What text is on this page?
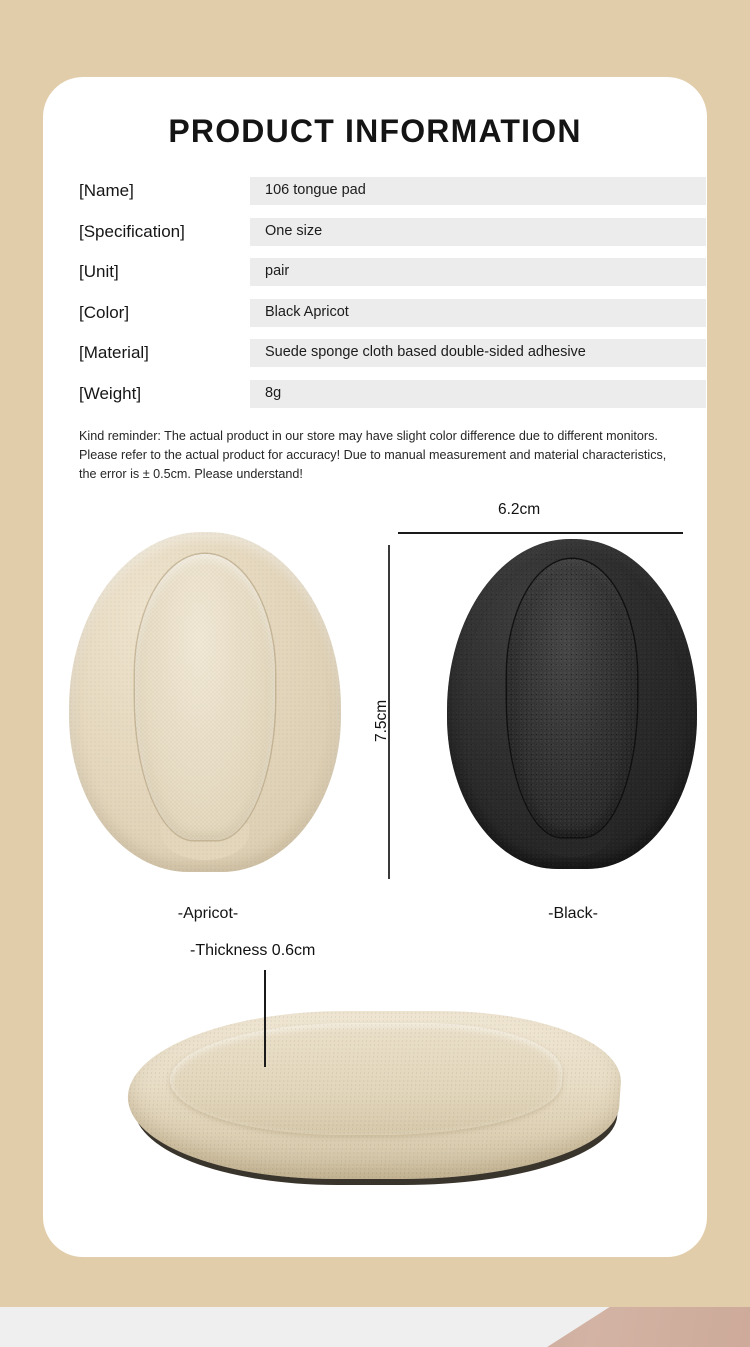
PRODUCT INFORMATION
[Name]	106 tongue pad
[Specification]	One size
[Unit]	pair
[Color]	Black Apricot
[Material]	Suede sponge cloth based double-sided adhesive
[Weight]	8g
Kind reminder: The actual product in our store may have slight color difference due to different monitors. Please refer to the actual product for accuracy! Due to manual measurement and material characteristics, the error is ± 0.5cm. Please understand!
6.2cm
7.5cm
-Apricot-	-Black-
-Thickness 0.6cm
